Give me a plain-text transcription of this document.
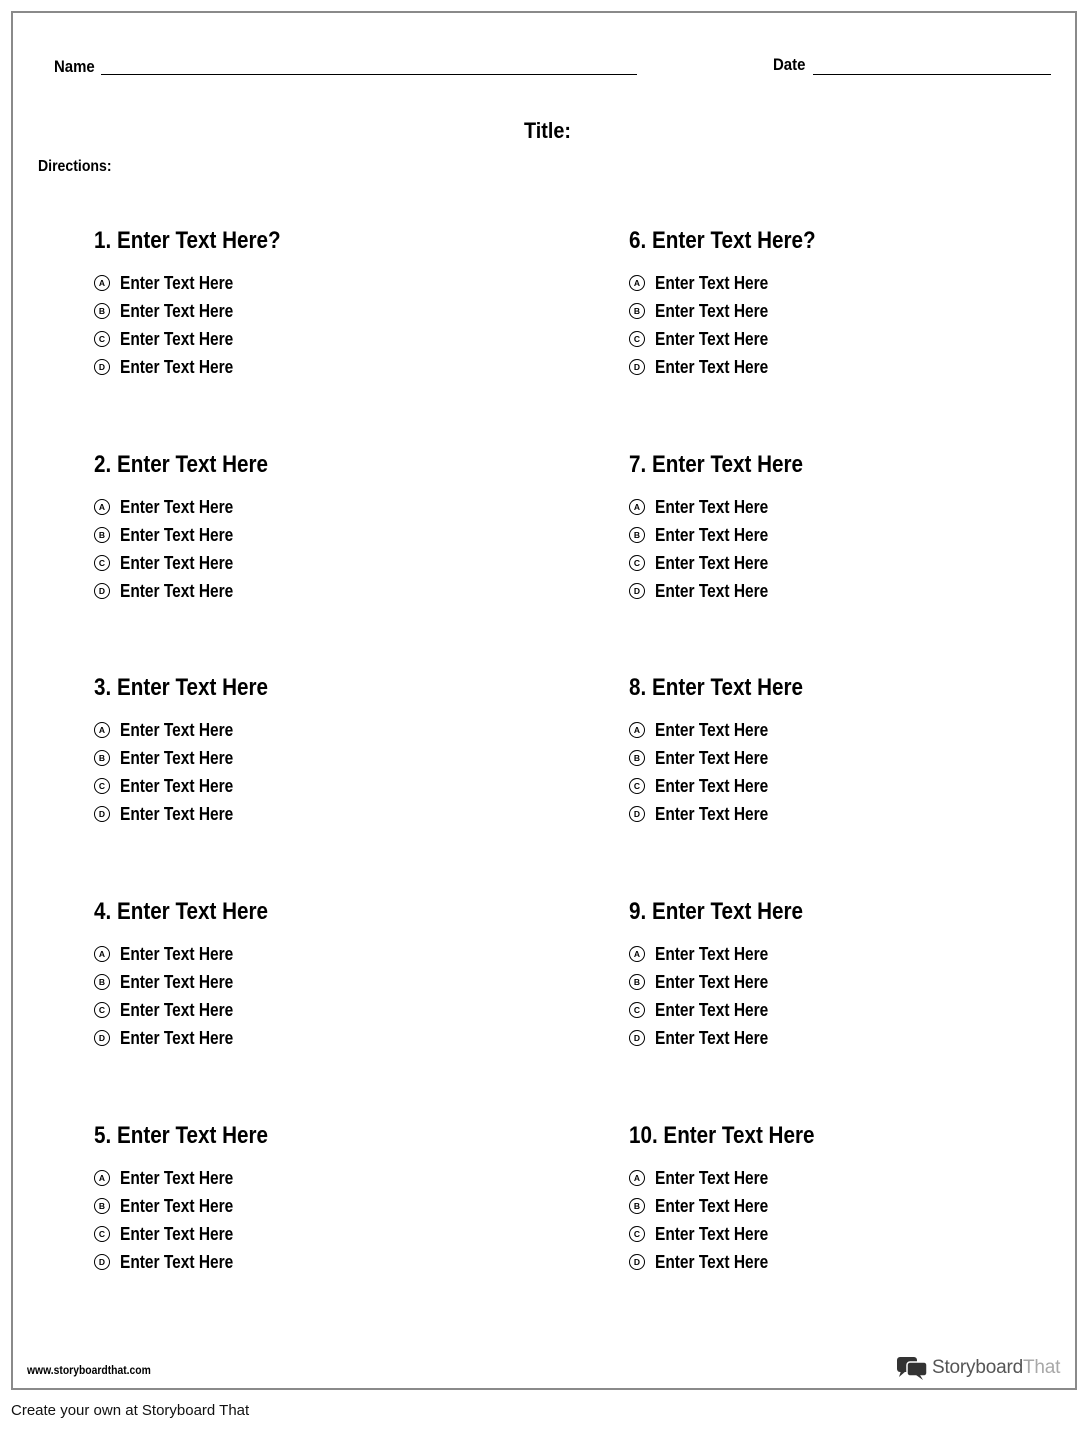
Name	Date
Title:
Directions:
1. Enter Text Here?
A Enter Text Here
B Enter Text Here
C Enter Text Here
D Enter Text Here
2. Enter Text Here
A Enter Text Here
B Enter Text Here
C Enter Text Here
D Enter Text Here
3. Enter Text Here
A Enter Text Here
B Enter Text Here
C Enter Text Here
D Enter Text Here
4. Enter Text Here
A Enter Text Here
B Enter Text Here
C Enter Text Here
D Enter Text Here
5. Enter Text Here
A Enter Text Here
B Enter Text Here
C Enter Text Here
D Enter Text Here
6. Enter Text Here?
A Enter Text Here
B Enter Text Here
C Enter Text Here
D Enter Text Here
7. Enter Text Here
A Enter Text Here
B Enter Text Here
C Enter Text Here
D Enter Text Here
8. Enter Text Here
A Enter Text Here
B Enter Text Here
C Enter Text Here
D Enter Text Here
9. Enter Text Here
A Enter Text Here
B Enter Text Here
C Enter Text Here
D Enter Text Here
10. Enter Text Here
A Enter Text Here
B Enter Text Here
C Enter Text Here
D Enter Text Here
www.storyboardthat.com	StoryboardThat
Create your own at Storyboard That
